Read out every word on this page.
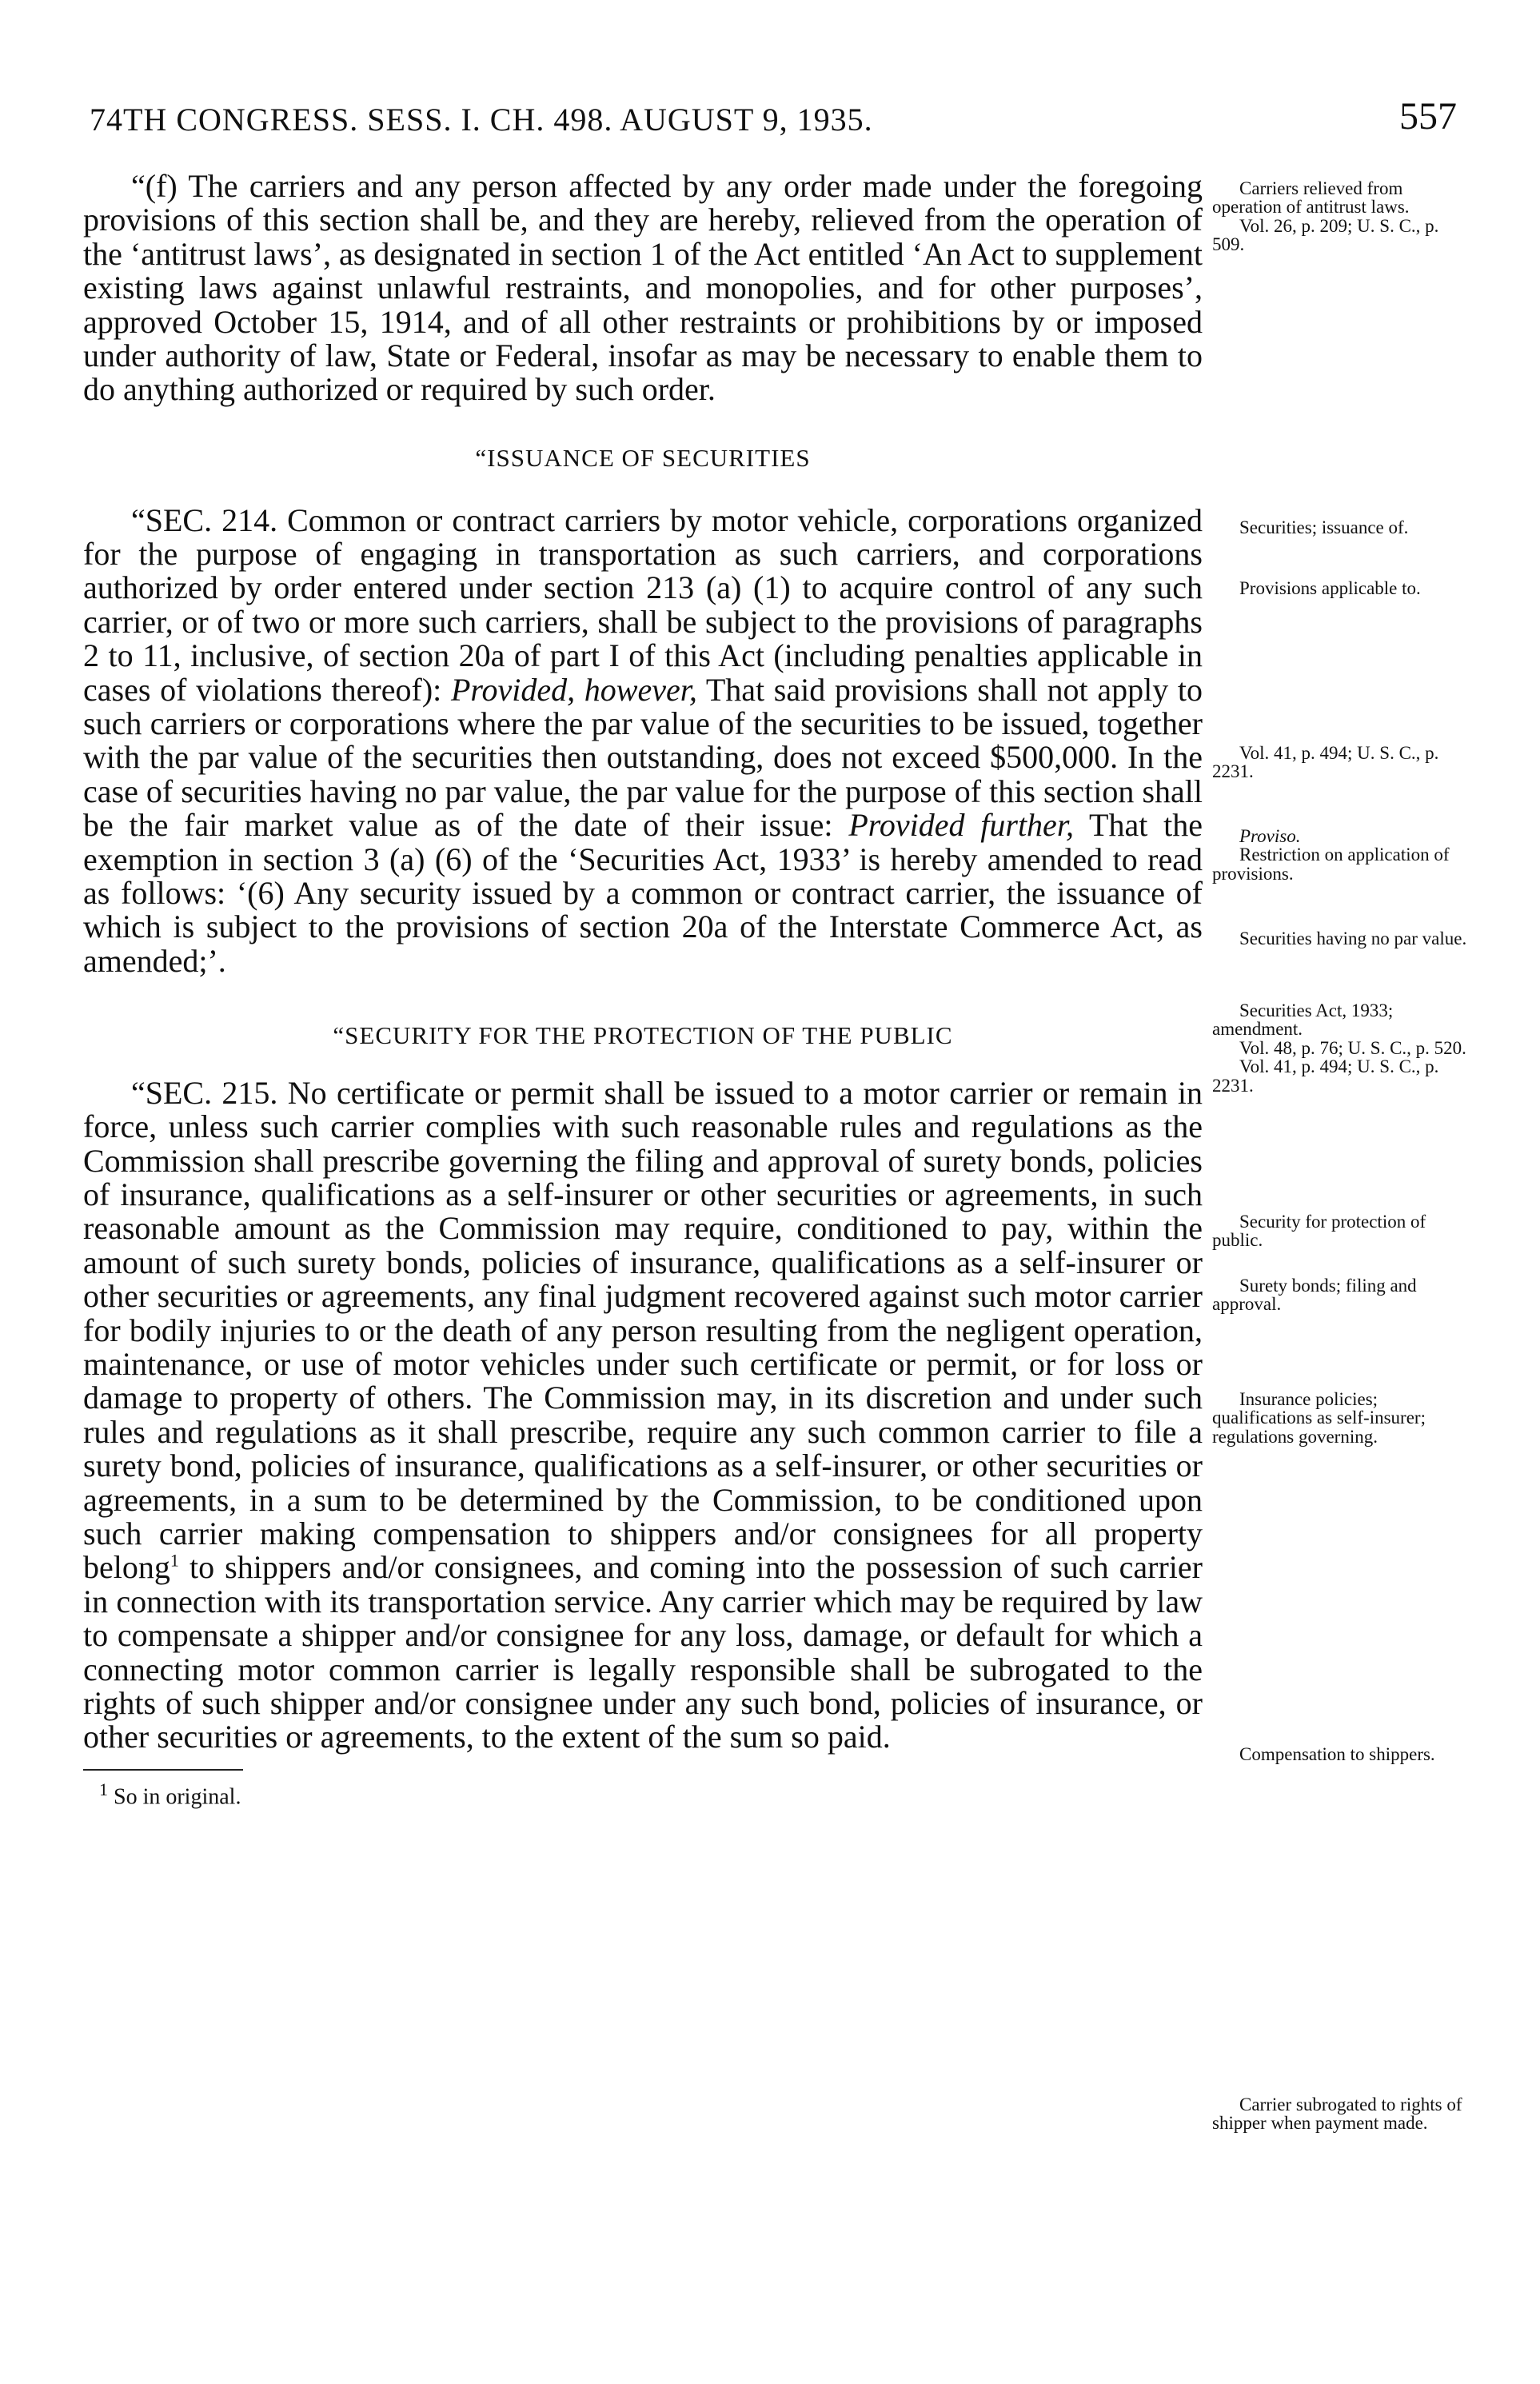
74TH CONGRESS. SESS. I. CH. 498. AUGUST 9, 1935.	557

“(f) The carriers and any person affected by any order made under the foregoing provisions of this section shall be, and they are hereby, relieved from the operation of the ‘antitrust laws’, as designated in section 1 of the Act entitled ‘An Act to supplement existing laws against unlawful restraints, and monopolies, and for other purposes’, approved October 15, 1914, and of all other restraints or prohibitions by or imposed under authority of law, State or Federal, insofar as may be necessary to enable them to do anything authorized or required by such order.

“ISSUANCE OF SECURITIES

“SEC. 214. Common or contract carriers by motor vehicle, corporations organized for the purpose of engaging in transportation as such carriers, and corporations authorized by order entered under section 213 (a) (1) to acquire control of any such carrier, or of two or more such carriers, shall be subject to the provisions of paragraphs 2 to 11, inclusive, of section 20a of part I of this Act (including penalties applicable in cases of violations thereof): Provided, however, That said provisions shall not apply to such carriers or corporations where the par value of the securities to be issued, together with the par value of the securities then outstanding, does not exceed $500,000. In the case of securities having no par value, the par value for the purpose of this section shall be the fair market value as of the date of their issue: Provided further, That the exemption in section 3 (a) (6) of the ‘Securities Act, 1933’ is hereby amended to read as follows: ‘(6) Any security issued by a common or contract carrier, the issuance of which is subject to the provisions of section 20a of the Interstate Commerce Act, as amended;’.

“SECURITY FOR THE PROTECTION OF THE PUBLIC

“SEC. 215. No certificate or permit shall be issued to a motor carrier or remain in force, unless such carrier complies with such reasonable rules and regulations as the Commission shall prescribe governing the filing and approval of surety bonds, policies of insurance, qualifications as a self-insurer or other securities or agreements, in such reasonable amount as the Commission may require, conditioned to pay, within the amount of such surety bonds, policies of insurance, qualifications as a self-insurer or other securities or agreements, any final judgment recovered against such motor carrier for bodily injuries to or the death of any person resulting from the negligent operation, maintenance, or use of motor vehicles under such certificate or permit, or for loss or damage to property of others. The Commission may, in its discretion and under such rules and regulations as it shall prescribe, require any such common carrier to file a surety bond, policies of insurance, qualifications as a self-insurer, or other securities or agreements, in a sum to be determined by the Commission, to be conditioned upon such carrier making compensation to shippers and/or consignees for all property belong$^1$ to shippers and/or consignees, and coming into the possession of such carrier in connection with its transportation service. Any carrier which may be required by law to compensate a shipper and/or consignee for any loss, damage, or default for which a connecting motor common carrier is legally responsible shall be subrogated to the rights of such shipper and/or consignee under any such bond, policies of insurance, or other securities or agreements, to the extent of the sum so paid.

$^1$ So in original.
Carriers relieved from operation of antitrust laws.
Vol. 26, p. 209; U. S. C., p. 509.
Securities; issuance of.
Provisions applicable to.
Vol. 41, p. 494; U. S. C., p. 2231.
Proviso.
Restriction on application of provisions.
Securities having no par value.
Securities Act, 1933; amendment.
Vol. 48, p. 76; U. S. C., p. 520.
Vol. 41, p. 494; U. S. C., p. 2231.
Security for protection of public.
Surety bonds; filing and approval.
Insurance policies; qualifications as self-insurer; regulations governing.
Compensation to shippers.
Carrier subrogated to rights of shipper when payment made.
